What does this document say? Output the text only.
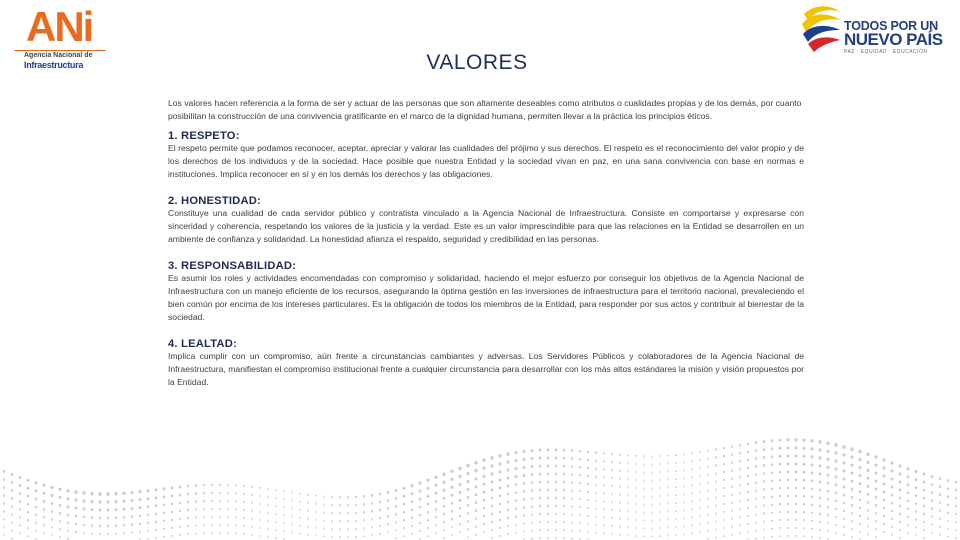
ANi
Agencia Nacional de
Infraestructura
TODOS POR UN
NUEVO PAÍS
PAZ · EQUIDAD · EDUCACIÓN
VALORES

Los valores hacen referencia a la forma de ser y actuar de las personas que son altamente deseables como atributos o cualidades propias y de los demás, por cuanto posibilitan la construcción de una convivencia gratificante en el marco de la dignidad humana, permiten llevar a la práctica los principios éticos.

1. RESPETO:

El respeto permite que podamos reconocer, aceptar, apreciar y valorar las cualidades del prójimo y sus derechos. El respeto es el reconocimiento del valor propio y de los derechos de los individuos y de la sociedad. Hace posible que nuestra Entidad y la sociedad vivan en paz, en una sana convivencia con base en normas e instituciones. Implica reconocer en sí y en los demás los derechos y las obligaciones.

2. HONESTIDAD:

Constituye una cualidad de cada servidor público y contratista vinculado a la Agencia Nacional de Infraestructura. Consiste en comportarse y expresarse con sinceridad y coherencia, respetando los valores de la justicia y la verdad. Este es un valor imprescindible para que las relaciones en la Entidad se desarrollen en un ambiente de confianza y solidaridad. La honestidad afianza el respaldo, seguridad y credibilidad en las personas.

3. RESPONSABILIDAD:

Es asumir los roles y actividades encomendadas con compromiso y solidaridad, haciendo el mejor esfuerzo por conseguir los objetivos de la Agencia Nacional de Infraestructura con un manejo eficiente de los recursos, asegurando la óptima gestión en las inversiones de infraestructura para el territorio nacional, prevaleciendo el bien común por encima de los intereses particulares. Es la obligación de todos los miembros de la Entidad, para responder por sus actos y contribuir al bienestar de la sociedad.

4. LEALTAD:

Implica cumplir con un compromiso, aún frente a circunstancias cambiantes y adversas. Los Servidores Públicos y colaboradores de la Agencia Nacional de Infraestructura, manifiestan el compromiso institucional frente a cualquier circunstancia para desarrollar con los más altos estándares la misión y visión propuestos por la Entidad.
